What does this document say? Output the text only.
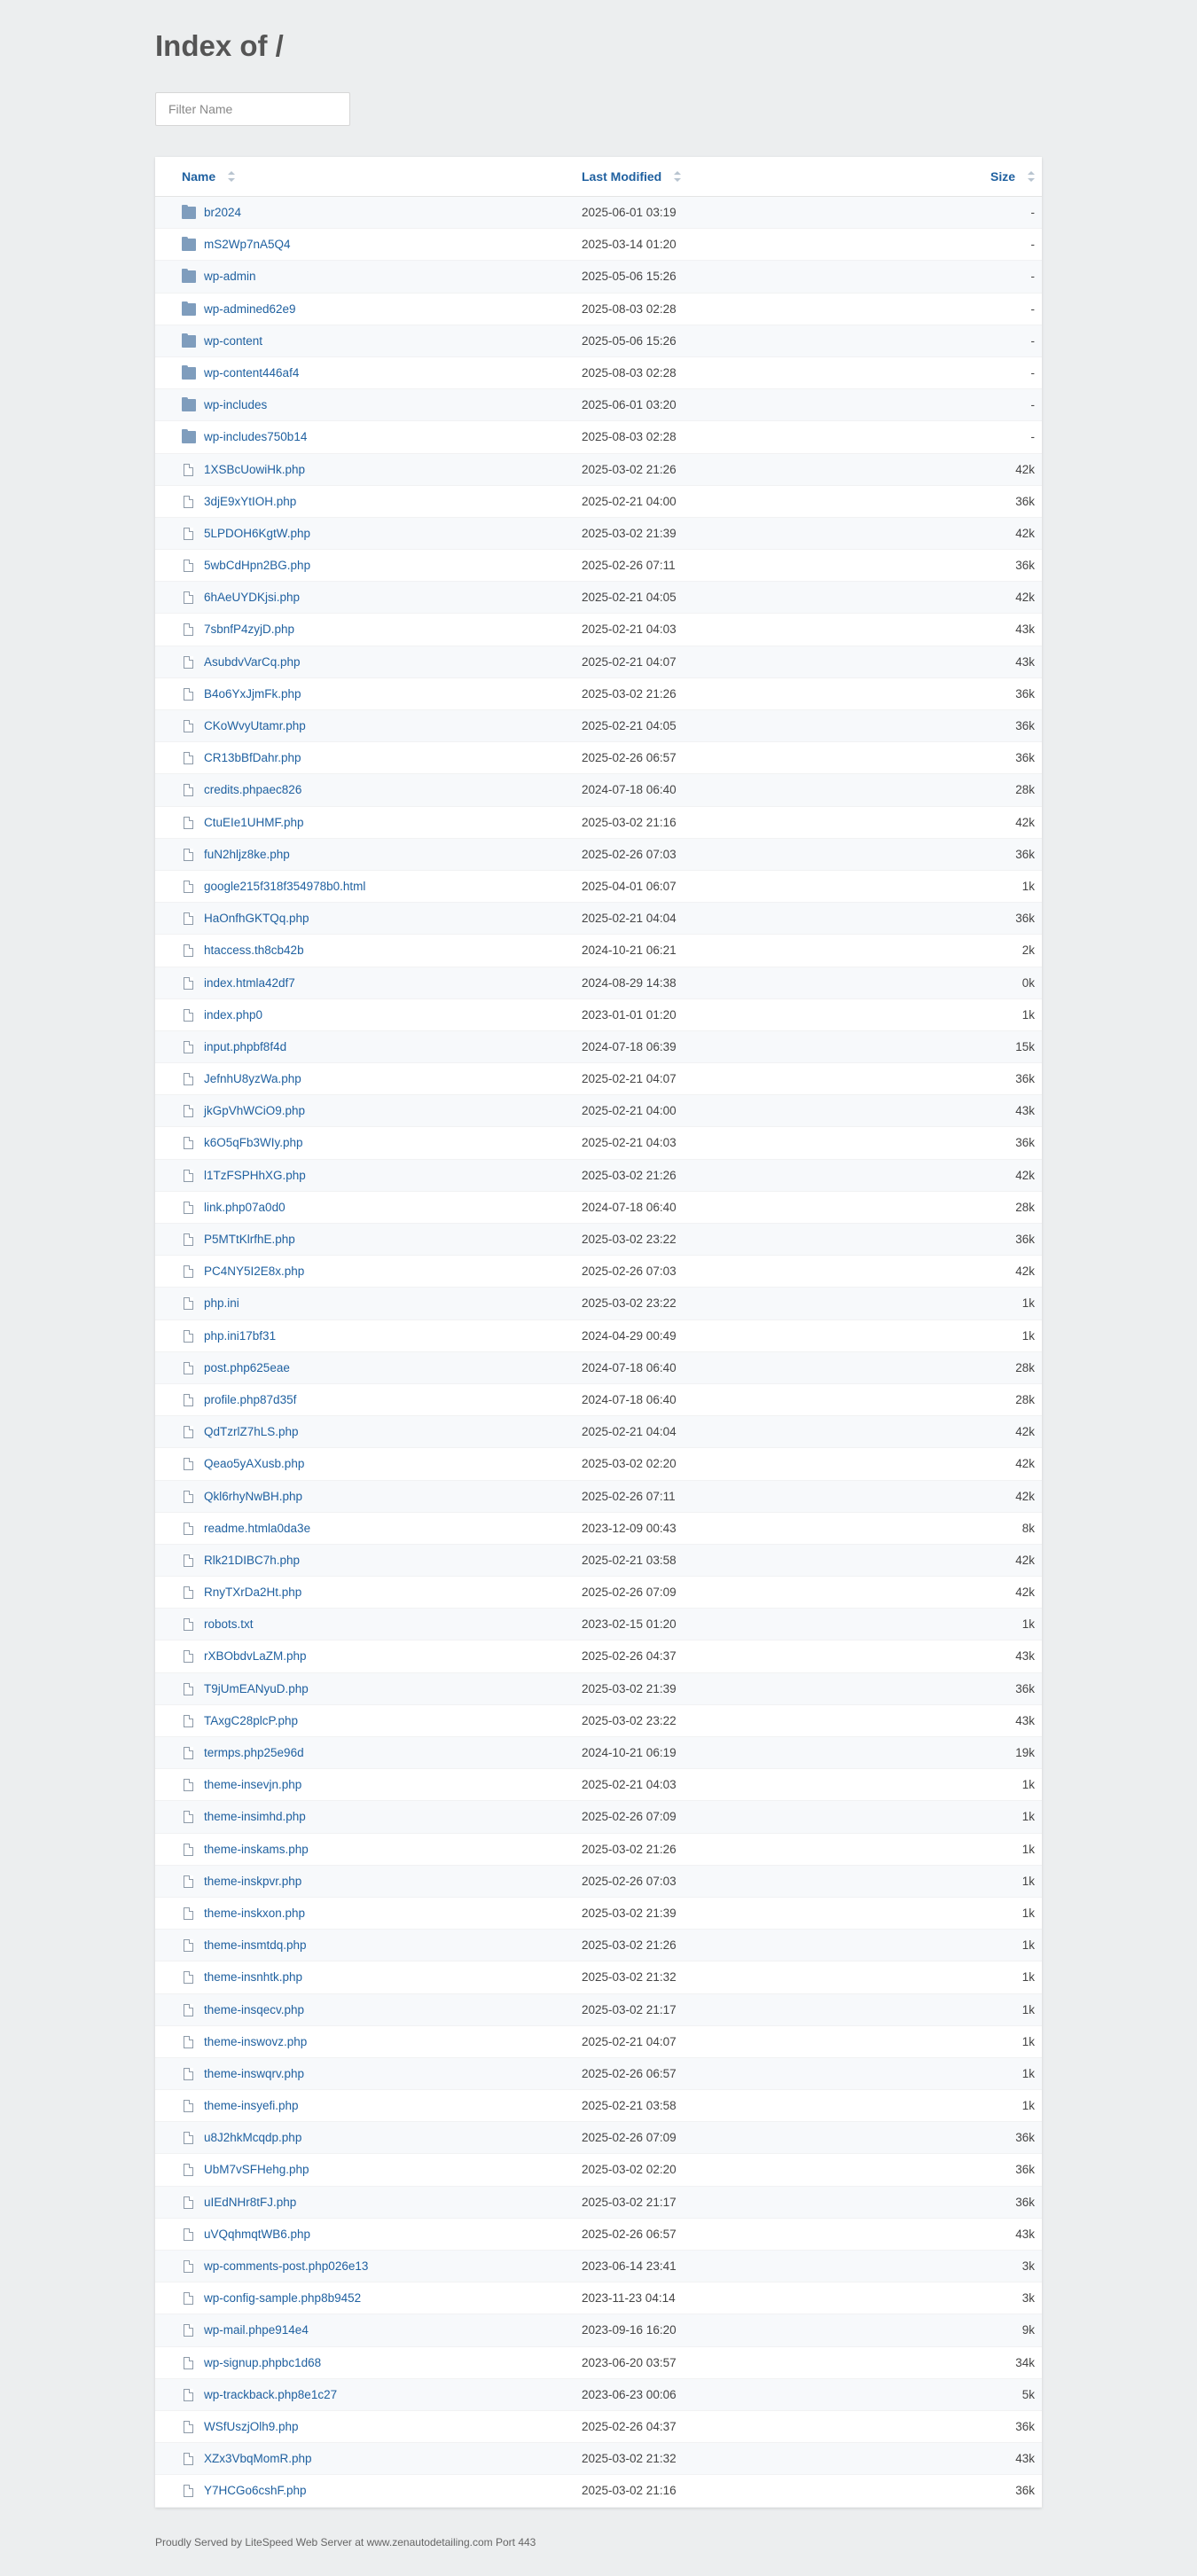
Index of /
Filter Name
Name	Last Modified	Size
br2024	2025-06-01 03:19	-
mS2Wp7nA5Q4	2025-03-14 01:20	-
wp-admin	2025-05-06 15:26	-
wp-admined62e9	2025-08-03 02:28	-
wp-content	2025-05-06 15:26	-
wp-content446af4	2025-08-03 02:28	-
wp-includes	2025-06-01 03:20	-
wp-includes750b14	2025-08-03 02:28	-
1XSBcUowiHk.php	2025-03-02 21:26	42k
3djE9xYtIOH.php	2025-02-21 04:00	36k
5LPDOH6KgtW.php	2025-03-02 21:39	42k
5wbCdHpn2BG.php	2025-02-26 07:11	36k
6hAeUYDKjsi.php	2025-02-21 04:05	42k
7sbnfP4zyjD.php	2025-02-21 04:03	43k
AsubdvVarCq.php	2025-02-21 04:07	43k
B4o6YxJjmFk.php	2025-03-02 21:26	36k
CKoWvyUtamr.php	2025-02-21 04:05	36k
CR13bBfDahr.php	2025-02-26 06:57	36k
credits.phpaec826	2024-07-18 06:40	28k
CtuEIe1UHMF.php	2025-03-02 21:16	42k
fuN2hljz8ke.php	2025-02-26 07:03	36k
google215f318f354978b0.html	2025-04-01 06:07	1k
HaOnfhGKTQq.php	2025-02-21 04:04	36k
htaccess.th8cb42b	2024-10-21 06:21	2k
index.htmla42df7	2024-08-29 14:38	0k
index.php0	2023-01-01 01:20	1k
input.phpbf8f4d	2024-07-18 06:39	15k
JefnhU8yzWa.php	2025-02-21 04:07	36k
jkGpVhWCiO9.php	2025-02-21 04:00	43k
k6O5qFb3WIy.php	2025-02-21 04:03	36k
l1TzFSPHhXG.php	2025-03-02 21:26	42k
link.php07a0d0	2024-07-18 06:40	28k
P5MTtKlrfhE.php	2025-03-02 23:22	36k
PC4NY5I2E8x.php	2025-02-26 07:03	42k
php.ini	2025-03-02 23:22	1k
php.ini17bf31	2024-04-29 00:49	1k
post.php625eae	2024-07-18 06:40	28k
profile.php87d35f	2024-07-18 06:40	28k
QdTzrlZ7hLS.php	2025-02-21 04:04	42k
Qeao5yAXusb.php	2025-03-02 02:20	42k
Qkl6rhyNwBH.php	2025-02-26 07:11	42k
readme.htmla0da3e	2023-12-09 00:43	8k
Rlk21DIBC7h.php	2025-02-21 03:58	42k
RnyTXrDa2Ht.php	2025-02-26 07:09	42k
robots.txt	2023-02-15 01:20	1k
rXBObdvLaZM.php	2025-02-26 04:37	43k
T9jUmEANyuD.php	2025-03-02 21:39	36k
TAxgC28plcP.php	2025-03-02 23:22	43k
termps.php25e96d	2024-10-21 06:19	19k
theme-insevjn.php	2025-02-21 04:03	1k
theme-insimhd.php	2025-02-26 07:09	1k
theme-inskams.php	2025-03-02 21:26	1k
theme-inskpvr.php	2025-02-26 07:03	1k
theme-inskxon.php	2025-03-02 21:39	1k
theme-insmtdq.php	2025-03-02 21:26	1k
theme-insnhtk.php	2025-03-02 21:32	1k
theme-insqecv.php	2025-03-02 21:17	1k
theme-inswovz.php	2025-02-21 04:07	1k
theme-inswqrv.php	2025-02-26 06:57	1k
theme-insyefi.php	2025-02-21 03:58	1k
u8J2hkMcqdp.php	2025-02-26 07:09	36k
UbM7vSFHehg.php	2025-03-02 02:20	36k
uIEdNHr8tFJ.php	2025-03-02 21:17	36k
uVQqhmqtWB6.php	2025-02-26 06:57	43k
wp-comments-post.php026e13	2023-06-14 23:41	3k
wp-config-sample.php8b9452	2023-11-23 04:14	3k
wp-mail.phpe914e4	2023-09-16 16:20	9k
wp-signup.phpbc1d68	2023-06-20 03:57	34k
wp-trackback.php8e1c27	2023-06-23 00:06	5k
WSfUszjOlh9.php	2025-02-26 04:37	36k
XZx3VbqMomR.php	2025-03-02 21:32	43k
Y7HCGo6cshF.php	2025-03-02 21:16	36k
Proudly Served by LiteSpeed Web Server at www.zenautodetailing.com Port 443
